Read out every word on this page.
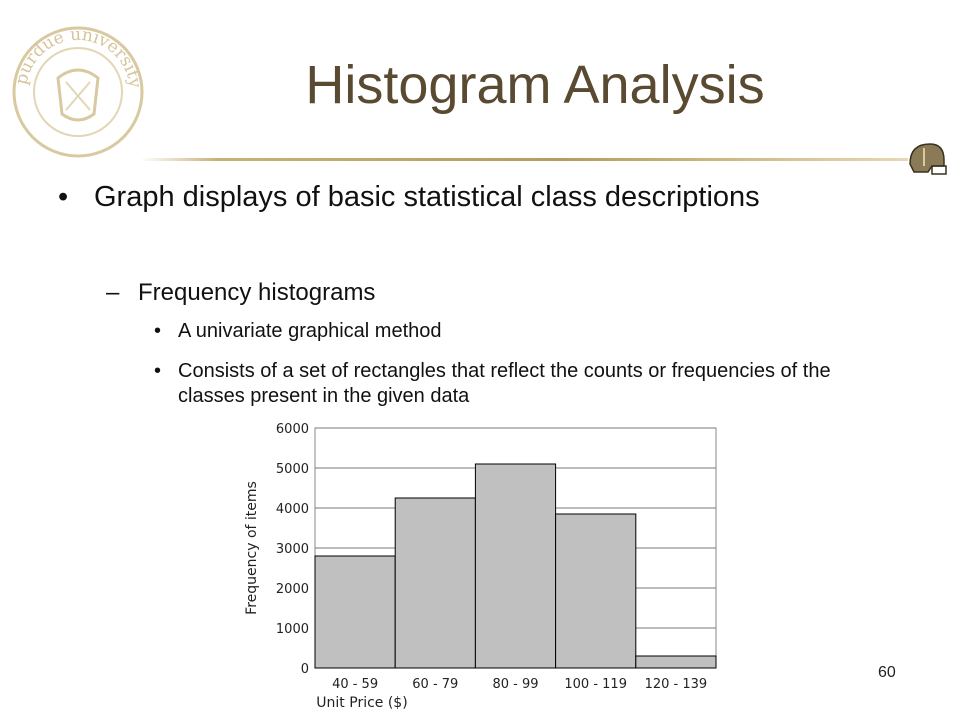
purdue university	Histogram Analysis
• Graph displays of basic statistical class descriptions
– Frequency histograms
• A univariate graphical method
• Consists of a set of rectangles that reflect the counts or frequencies of the classes present in the given data
0
1000
2000
3000
4000
5000
6000
40 - 59	60 - 79	80 - 99 100 - 119 120 - 139
Unit Price ($)
Frequency of items
60
